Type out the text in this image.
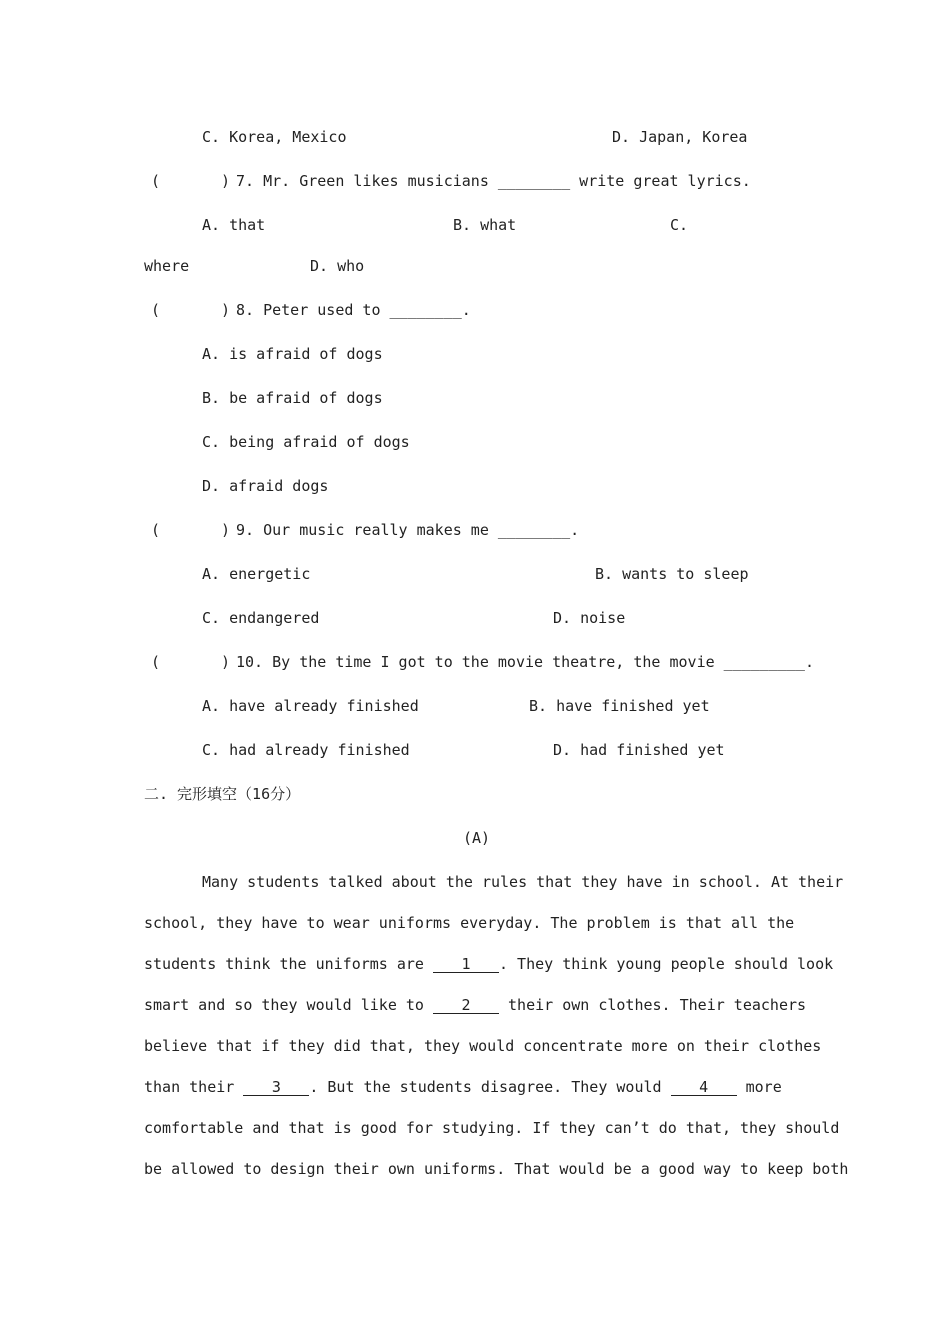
C. Korea, Mexico	D. Japan, Korea
(	) 7. Mr. Green likes musicians ________ write great lyrics.
A. that	B. what	C.
where	D. who
(	) 8. Peter used to ________.
A. is afraid of dogs
B. be afraid of dogs
C. being afraid of dogs
D. afraid dogs
(	) 9. Our music really makes me ________.
A. energetic	B. wants to sleep
C. endangered	D. noise
(	) 10. By the time I got to the movie theatre, the movie _________.
A. have already finished	B. have finished yet
C. had already finished	D. had finished yet
二. 完形填空（16分）
(A)
Many students talked about the rules that they have in school. At their
school, they have to wear uniforms everyday. The problem is that all the
students think the uniforms are	1 . They think young people should look
smart and so they would like to	2 their own clothes. Their teachers
believe that if they did that, they would concentrate more on their clothes
than their	3 . But the students disagree. They would	4 more
comfortable and that is good for studying. If they can’t do that, they should
be allowed to design their own uniforms. That would be a good way to keep both
